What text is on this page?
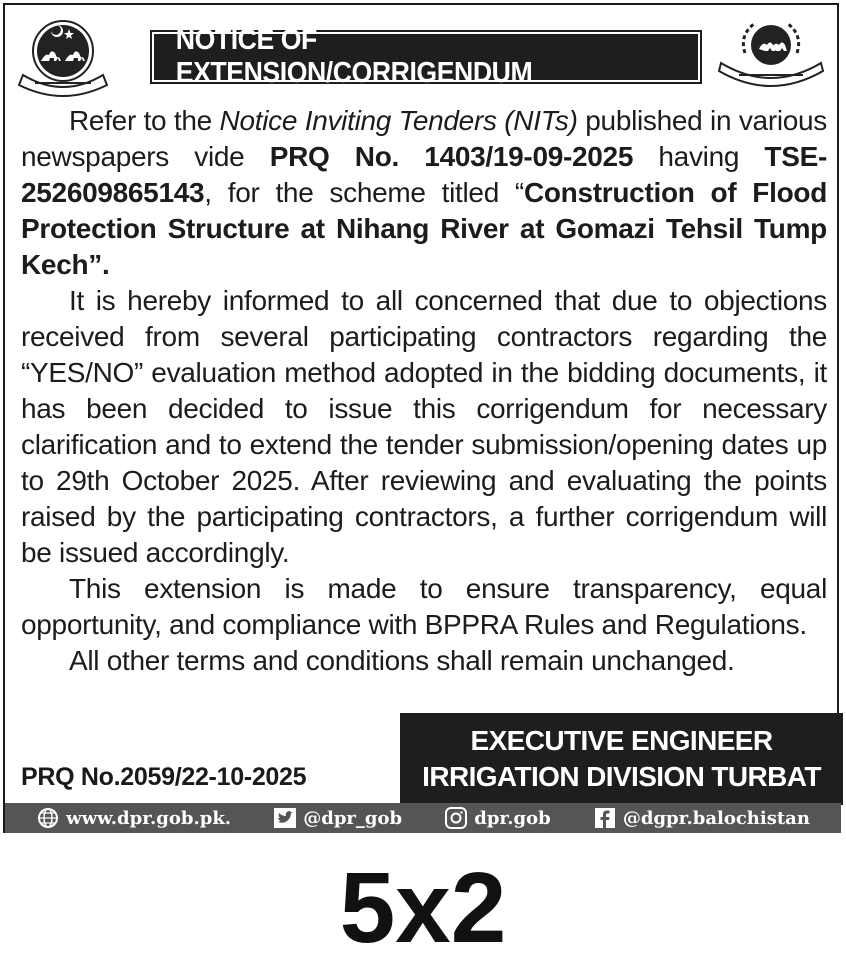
NOTICE OF EXTENSION/CORRIGENDUM

Refer to the Notice Inviting Tenders (NITs) published in various newspapers vide PRQ No. 1403/19-09-2025 having TSE-252609865143, for the scheme titled “Construction of Flood Protection Structure at Nihang River at Gomazi Tehsil Tump Kech”.

It is hereby informed to all concerned that due to objections received from several participating contractors regarding the “YES/NO” evaluation method adopted in the bidding documents, it has been decided to issue this corrigendum for necessary clarification and to extend the tender submission/opening dates up to 29th October 2025. After reviewing and evaluating the points raised by the participating contractors, a further corrigendum will be issued accordingly.

This extension is made to ensure transparency, equal opportunity, and compliance with BPPRA Rules and Regulations.

All other terms and conditions shall remain unchanged.

PRQ No.2059/22-10-2025
EXECUTIVE ENGINEER
IRRIGATION DIVISION TURBAT
www.dpr.gob.pk.	@dpr_gob	dpr.gob	@dgpr.balochistan
5x2
